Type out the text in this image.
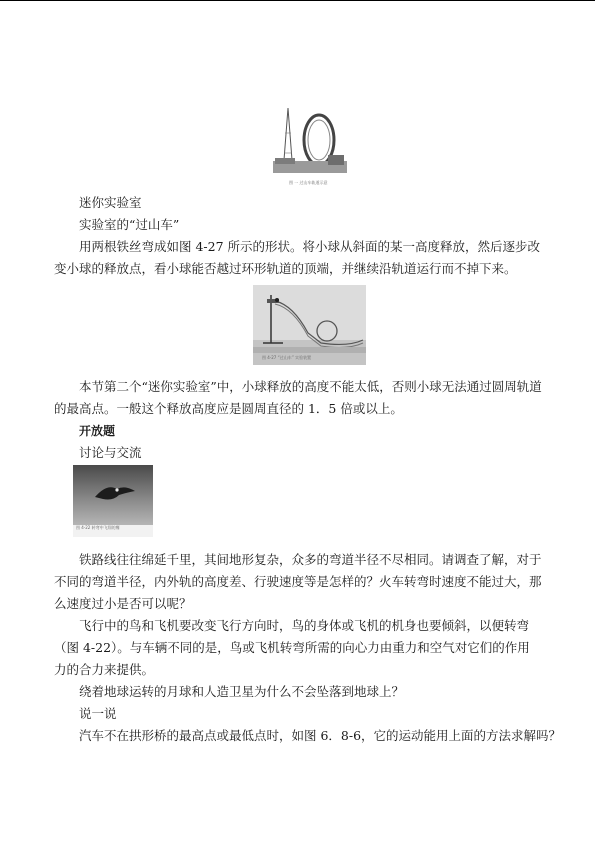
图 一 过山车轨道示意
迷你实验室
实验室的“过山车”

用两根铁丝弯成如图 4-27 所示的形状。将小球从斜面的某一高度释放，然后逐步改变小球的释放点，看小球能否越过环形轨道的顶端，并继续沿轨道运行而不掉下来。

图 4-27 “过山车” 实验装置

本节第二个“迷你实验室”中，小球释放的高度不能太低，否则小球无法通过圆周轨道的最高点。一般这个释放高度应是圆周直径的 1．5 倍或以上。

开放题
讨论与交流
图 4-22 转弯中飞翔的鹰

铁路线往往绵延千里，其间地形复杂，众多的弯道半径不尽相同。请调查了解，对于不同的弯道半径，内外轨的高度差、行驶速度等是怎样的？火车转弯时速度不能过大，那么速度过小是否可以呢？

飞行中的鸟和飞机要改变飞行方向时，鸟的身体或飞机的机身也要倾斜，以便转弯（图 4-22）。与车辆不同的是，鸟或飞机转弯所需的向心力由重力和空气对它们的作用力的合力来提供。

绕着地球运转的月球和人造卫星为什么不会坠落到地球上？
说一说
汽车不在拱形桥的最高点或最低点时，如图 6．8-6，它的运动能用上面的方法求解吗？
